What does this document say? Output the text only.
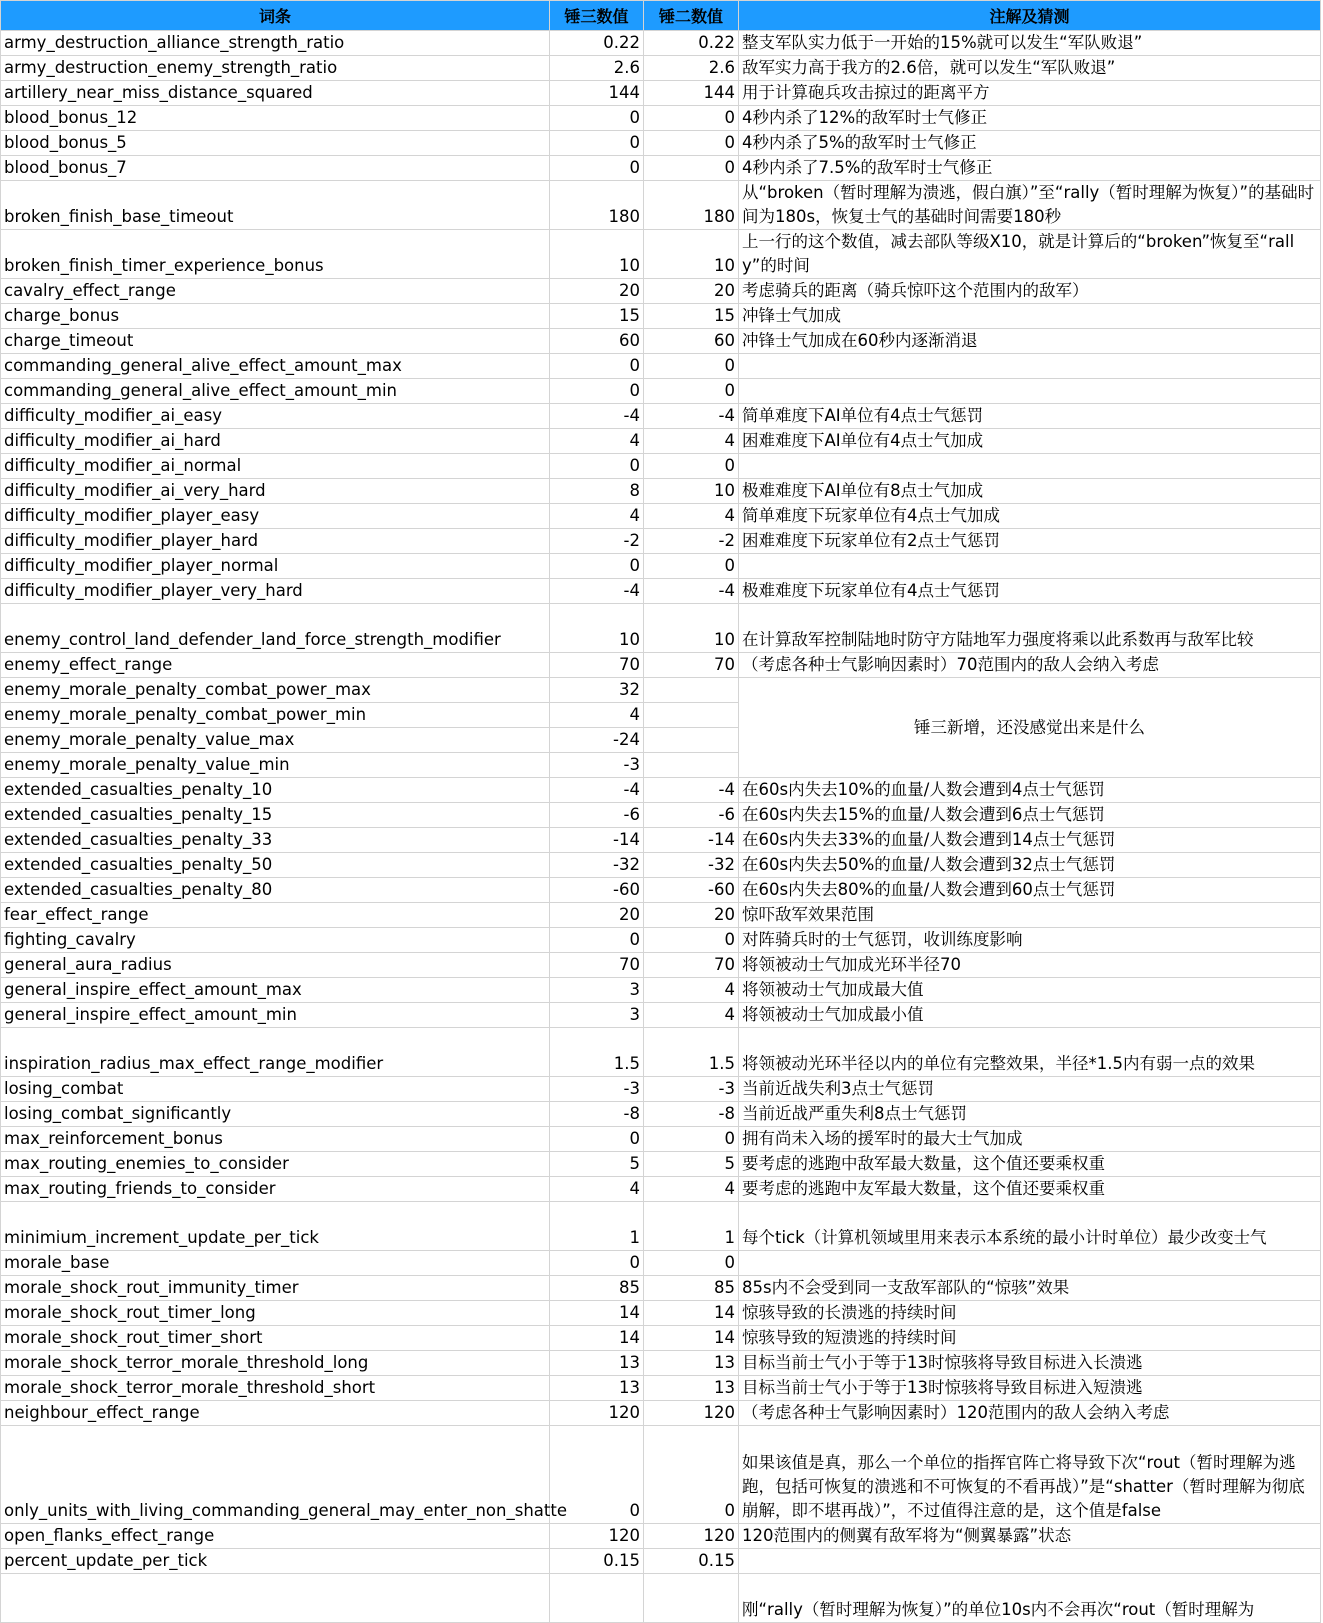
词条	锤三数值	锤二数值	注解及猜测
army_destruction_alliance_strength_ratio	0.22	0.22	整支军队实力低于一开始的15%就可以发生“军队败退”
army_destruction_enemy_strength_ratio	2.6	2.6	敌军实力高于我方的2.6倍，就可以发生“军队败退”
artillery_near_miss_distance_squared	144	144	用于计算砲兵攻击掠过的距离平方
blood_bonus_12	0	0	4秒内杀了12%的敌军时士气修正
blood_bonus_5	0	0	4秒内杀了5%的敌军时士气修正
blood_bonus_7	0	0	4秒内杀了7.5%的敌军时士气修正
broken_finish_base_timeout	180	180	从“broken（暂时理解为溃逃，假白旗）”至“rally（暂时理解为恢复）”的基础时间为180s，恢复士气的基础时间需要180秒
broken_finish_timer_experience_bonus	10	10	上一行的这个数值，减去部队等级X10，就是计算后的“broken”恢复至“rally”的时间
cavalry_effect_range	20	20	考虑骑兵的距离（骑兵惊吓这个范围内的敌军）
charge_bonus	15	15	冲锋士气加成
charge_timeout	60	60	冲锋士气加成在60秒内逐渐消退
commanding_general_alive_effect_amount_max	0	0	
commanding_general_alive_effect_amount_min	0	0	
difficulty_modifier_ai_easy	-4	-4	简单难度下AI单位有4点士气惩罚
difficulty_modifier_ai_hard	4	4	困难难度下AI单位有4点士气加成
difficulty_modifier_ai_normal	0	0	
difficulty_modifier_ai_very_hard	8	10	极难难度下AI单位有8点士气加成
difficulty_modifier_player_easy	4	4	简单难度下玩家单位有4点士气加成
difficulty_modifier_player_hard	-2	-2	困难难度下玩家单位有2点士气惩罚
difficulty_modifier_player_normal	0	0	
difficulty_modifier_player_very_hard	-4	-4	极难难度下玩家单位有4点士气惩罚
enemy_control_land_defender_land_force_strength_modifier	10	10	在计算敌军控制陆地时防守方陆地军力强度将乘以此系数再与敌军比较
enemy_effect_range	70	70	（考虑各种士气影响因素时）70范围内的敌人会纳入考虑
enemy_morale_penalty_combat_power_max	32		锤三新增，还没感觉出来是什么
enemy_morale_penalty_combat_power_min	4		
enemy_morale_penalty_value_max	-24		
enemy_morale_penalty_value_min	-3		
extended_casualties_penalty_10	-4	-4	在60s内失去10%的血量/人数会遭到4点士气惩罚
extended_casualties_penalty_15	-6	-6	在60s内失去15%的血量/人数会遭到6点士气惩罚
extended_casualties_penalty_33	-14	-14	在60s内失去33%的血量/人数会遭到14点士气惩罚
extended_casualties_penalty_50	-32	-32	在60s内失去50%的血量/人数会遭到32点士气惩罚
extended_casualties_penalty_80	-60	-60	在60s内失去80%的血量/人数会遭到60点士气惩罚
fear_effect_range	20	20	惊吓敌军效果范围
fighting_cavalry	0	0	对阵骑兵时的士气惩罚，收训练度影响
general_aura_radius	70	70	将领被动士气加成光环半径70
general_inspire_effect_amount_max	3	4	将领被动士气加成最大值
general_inspire_effect_amount_min	3	4	将领被动士气加成最小值
inspiration_radius_max_effect_range_modifier	1.5	1.5	将领被动光环半径以内的单位有完整效果，半径*1.5内有弱一点的效果
losing_combat	-3	-3	当前近战失利3点士气惩罚
losing_combat_significantly	-8	-8	当前近战严重失利8点士气惩罚
max_reinforcement_bonus	0	0	拥有尚未入场的援军时的最大士气加成
max_routing_enemies_to_consider	5	5	要考虑的逃跑中敌军最大数量，这个值还要乘权重
max_routing_friends_to_consider	4	4	要考虑的逃跑中友军最大数量，这个值还要乘权重
minimium_increment_update_per_tick	1	1	每个tick（计算机领域里用来表示本系统的最小计时单位）最少改变士气
morale_base	0	0	
morale_shock_rout_immunity_timer	85	85	85s内不会受到同一支敌军部队的“惊骇”效果
morale_shock_rout_timer_long	14	14	惊骇导致的长溃逃的持续时间
morale_shock_rout_timer_short	14	14	惊骇导致的短溃逃的持续时间
morale_shock_terror_morale_threshold_long	13	13	目标当前士气小于等于13时惊骇将导致目标进入长溃逃
morale_shock_terror_morale_threshold_short	13	13	目标当前士气小于等于13时惊骇将导致目标进入短溃逃
neighbour_effect_range	120	120	（考虑各种士气影响因素时）120范围内的敌人会纳入考虑
only_units_with_living_commanding_general_may_enter_non_shatte	0	0	如果该值是真，那么一个单位的指挥官阵亡将导致下次“rout（暂时理解为逃跑，包括可恢复的溃逃和不可恢复的不看再战）”是“shatter（暂时理解为彻底崩解，即不堪再战）”，不过值得注意的是，这个值是false
open_flanks_effect_range	120	120	120范围内的侧翼有敌军将为“侧翼暴露”状态
percent_update_per_tick	0.15	0.15	
			刚“rally（暂时理解为恢复）”的单位10s内不会再次“rout（暂时理解为
